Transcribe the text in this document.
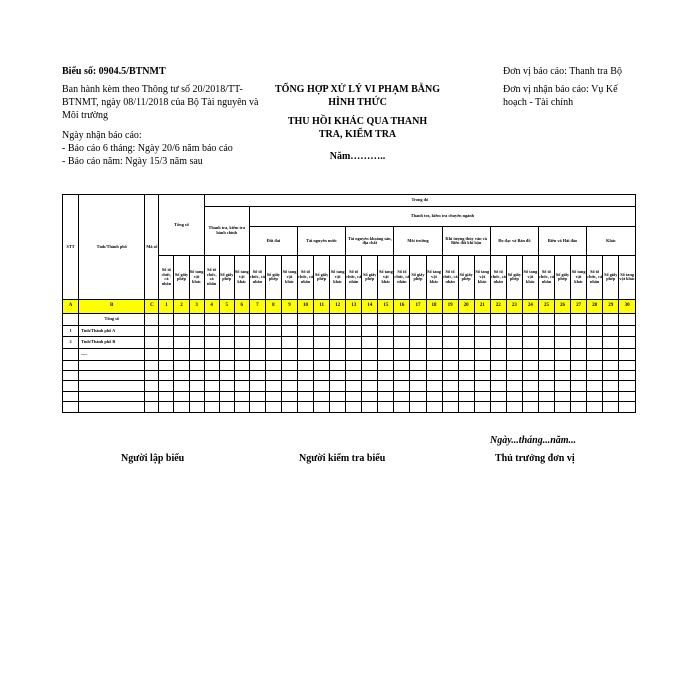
Biểu số: 0904.5/BTNMT
Ban hành kèm theo Thông tư số 20/2018/TT-BTNMT, ngày 08/11/2018 của Bộ Tài nguyên và Môi trường
Ngày nhận báo cáo:
- Báo cáo 6 tháng: Ngày 20/6 năm báo cáo
- Báo cáo năm: Ngày 15/3 năm sau
TỔNG HỢP XỬ LÝ VI PHẠM BẰNG HÌNH THỨC
THU HỒI KHÁC QUA THANH TRA, KIỂM TRA
Năm………..
Đơn vị báo cáo: Thanh tra Bộ
Đơn vị nhận báo cáo: Vụ Kế hoạch - Tài chính
STT	Tỉnh/Thành phố	Mã số	Tổng số			Trong đó																										
						Thanh tra, kiểm tra hành chính			Thanh tra, kiểm tra chuyên ngành																							
									Đất đai			Tài nguyên nước			Tài nguyên khoáng sản, địa chất			Môi trường			Khí tượng thủy văn và Biến đổi khí hậu			Đo đạc và Bản đồ			Biển và Hải đảo			Khác		
			Số tổ chức, cá nhân	Số giấy phép	Số tang vật khác	Số tổ chức, cá nhân	Số giấy phép	Số tang vật khác	Số tổ chức, cá nhân	Số giấy phép	Số tang vật khác	Số tổ chức, cá nhân	Số giấy phép	Số tang vật khác	Số tổ chức, cá nhân	Số giấy phép	Số tang vật khác	Số tổ chức, cá nhân	Số giấy phép	Số tang vật khác	Số tổ chức, cá nhân	Số giấy phép	Số tang vật khác	Số tổ chức, cá nhân	Số giấy phép	Số tang vật khác	Số tổ chức, cá nhân	Số giấy phép	Số tang vật khác	Số tổ chức, cá nhân	Số giấy phép	Số tang vật khác
A	B	C	1	2	3	4	5	6	7	8	9	10	11	12	13	14	15	16	17	18	19	20	21	22	23	24	25	26	27	28	29	30
	Tổng số																															
1	Tỉnh/Thành phố A																															
2	Tỉnh/Thành phố B																															
	......																															

Ngày...tháng...năm...
Người lập biểu	Người kiểm tra biểu	Thủ trưởng đơn vị
